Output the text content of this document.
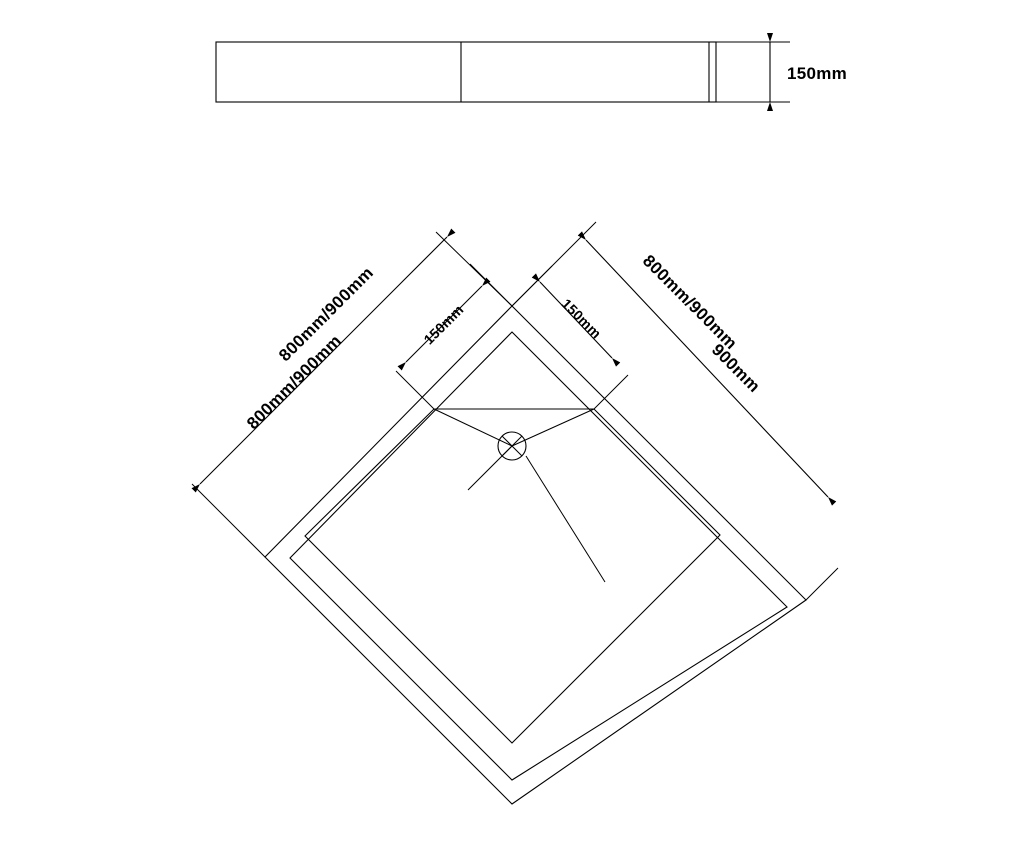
150mm
800mm/900mm
800mm/900mm
800mm/900mm
900mm
150mm	150mm
